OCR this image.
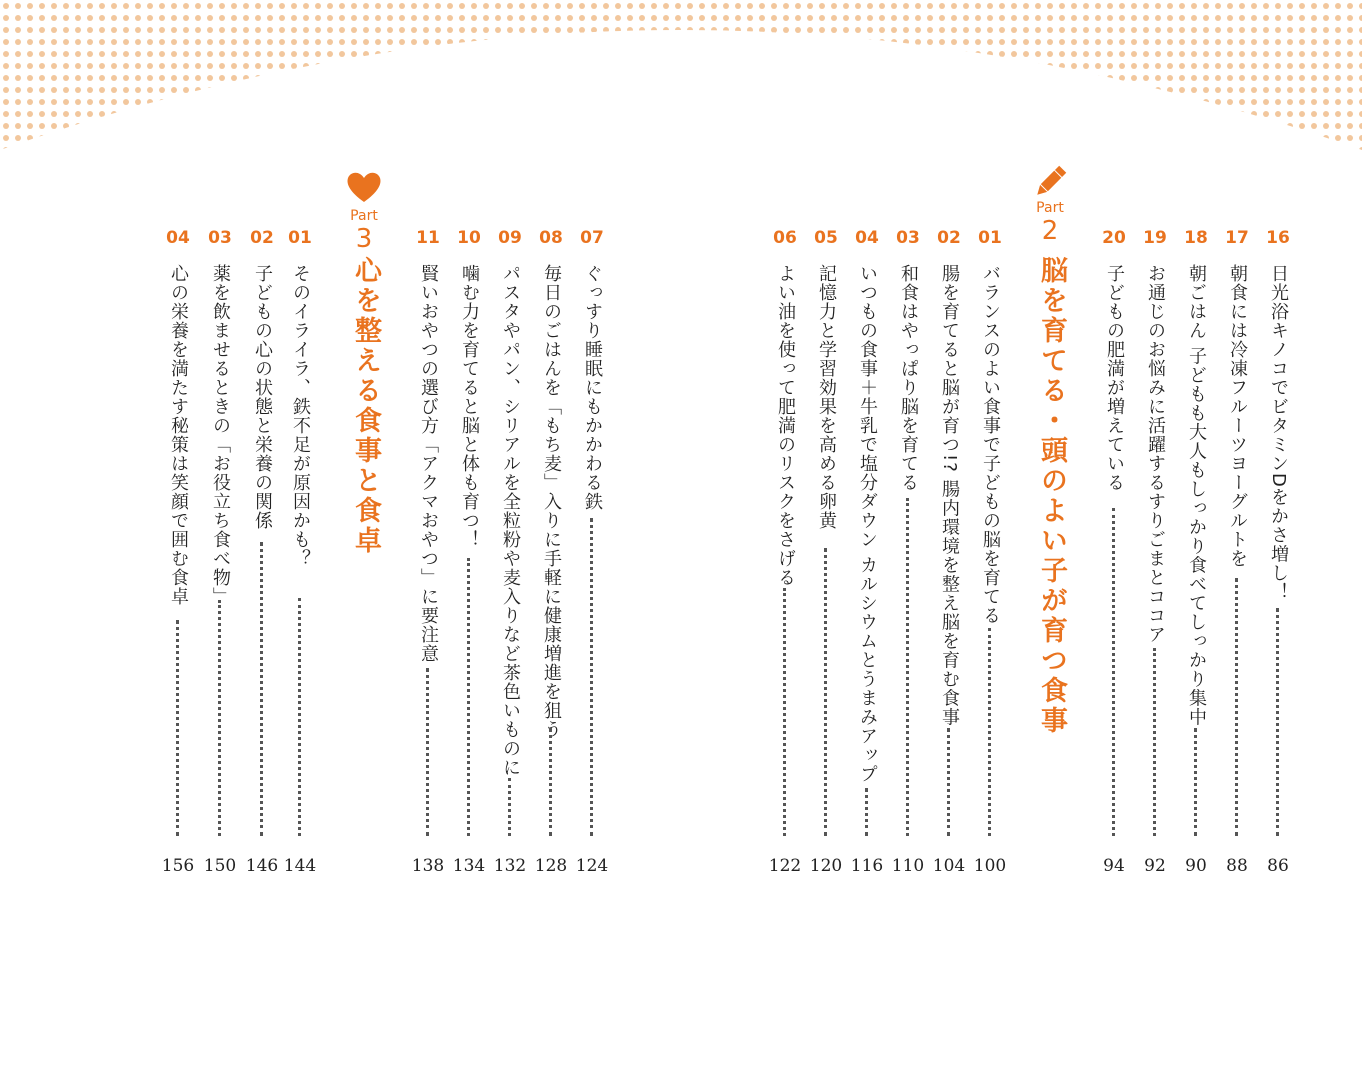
01
そのイライラ、鉄不足が原因かも？
144
02
子どもの心の状態と栄養の関係
146
03
薬を飲ませるときの「お役立ち食べ物」
150
04
心の栄養を満たす秘策は笑顔で囲む食卓
156
Part
3
心を整える食事と食卓
07
ぐっすり睡眠にもかかわる鉄
124
08
毎日のごはんを「もち麦」入りに手軽に健康増進を狙う
128
09
パスタやパン、シリアルを全粒粉や麦入りなど茶色いものに
132
10
噛む力を育てると脳と体も育つ！
134
11
賢いおやつの選び方「アクマおやつ」に要注意
138
01
バランスのよい食事で子どもの脳を育てる
100
02
腸を育てると脳が育つ!? 腸内環境を整え脳を育む食事
104
03
和食はやっぱり脳を育てる
110
04
いつもの食事＋牛乳で塩分ダウン カルシウムとうまみアップ
116
05
記憶力と学習効果を高める卵黄
120
06
よい油を使って肥満のリスクをさげる
122
Part
2
脳を育てる・頭のよい子が育つ食事
16
日光浴キノコでビタミンDをかさ増し！
86
17
朝食には冷凍フルーツヨーグルトを
88
18
朝ごはん 子どもも大人もしっかり食べてしっかり集中
90
19
お通じのお悩みに活躍するすりごまとココア
92
20
子どもの肥満が増えている
94
